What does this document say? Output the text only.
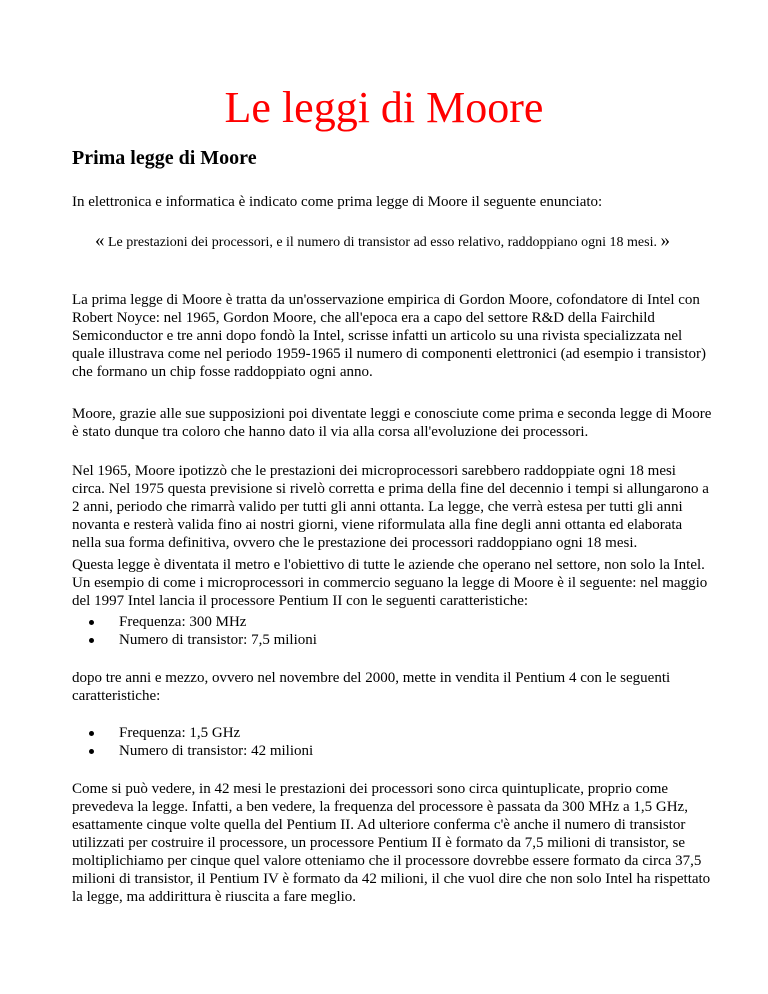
Le leggi di Moore
Prima legge di Moore

In elettronica e informatica è indicato come prima legge di Moore il seguente enunciato:

« Le prestazioni dei processori, e il numero di transistor ad esso relativo, raddoppiano ogni 18 mesi. »

La prima legge di Moore è tratta da un'osservazione empirica di Gordon Moore, cofondatore di Intel con Robert Noyce: nel 1965, Gordon Moore, che all'epoca era a capo del settore R&D della Fairchild Semiconductor e tre anni dopo fondò la Intel, scrisse infatti un articolo su una rivista specializzata nel quale illustrava come nel periodo 1959-1965 il numero di componenti elettronici (ad esempio i transistor) che formano un chip fosse raddoppiato ogni anno.

Moore, grazie alle sue supposizioni poi diventate leggi e conosciute come prima e seconda legge di Moore è stato dunque tra coloro che hanno dato il via alla corsa all'evoluzione dei processori.

Nel 1965, Moore ipotizzò che le prestazioni dei microprocessori sarebbero raddoppiate ogni 18 mesi circa. Nel 1975 questa previsione si rivelò corretta e prima della fine del decennio i tempi si allungarono a 2 anni, periodo che rimarrà valido per tutti gli anni ottanta. La legge, che verrà estesa per tutti gli anni novanta e resterà valida fino ai nostri giorni, viene riformulata alla fine degli anni ottanta ed elaborata nella sua forma definitiva, ovvero che le prestazione dei processori raddoppiano ogni 18 mesi.

Questa legge è diventata il metro e l'obiettivo di tutte le aziende che operano nel settore, non solo la Intel. Un esempio di come i microprocessori in commercio seguano la legge di Moore è il seguente: nel maggio del 1997 Intel lancia il processore Pentium II con le seguenti caratteristiche:

Frequenza: 300 MHz
Numero di transistor: 7,5 milioni

dopo tre anni e mezzo, ovvero nel novembre del 2000, mette in vendita il Pentium 4 con le seguenti caratteristiche:

Frequenza: 1,5 GHz
Numero di transistor: 42 milioni

Come si può vedere, in 42 mesi le prestazioni dei processori sono circa quintuplicate, proprio come prevedeva la legge. Infatti, a ben vedere, la frequenza del processore è passata da 300 MHz a 1,5 GHz, esattamente cinque volte quella del Pentium II. Ad ulteriore conferma c'è anche il numero di transistor utilizzati per costruire il processore, un processore Pentium II è formato da 7,5 milioni di transistor, se moltiplichiamo per cinque quel valore otteniamo che il processore dovrebbe essere formato da circa 37,5 milioni di transistor, il Pentium IV è formato da 42 milioni, il che vuol dire che non solo Intel ha rispettato la legge, ma addirittura è riuscita a fare meglio.
